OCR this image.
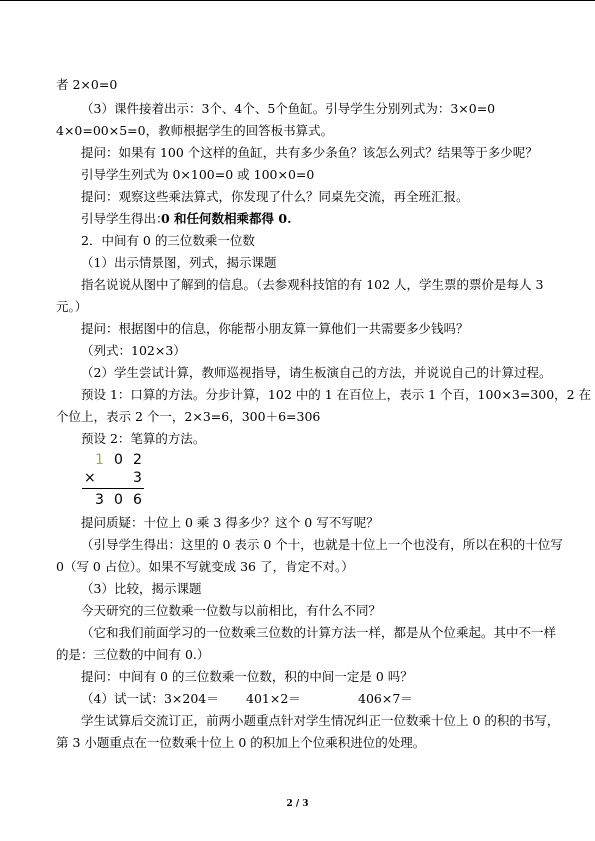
者 2×0=0
（3）课件接着出示：3个、4个、5个鱼缸。引导学生分别列式为：3×0=0
4×0=00×5=0，教师根据学生的回答板书算式。
提问：如果有 100 个这样的鱼缸，共有多少条鱼？该怎么列式？结果等于多少呢？
引导学生列式为 0×100=0 或 100×0=0
提问：观察这些乘法算式，你发现了什么？同桌先交流，再全班汇报。
引导学生得出：
0 和任何数相乘都得 0.
2．中间有 0 的三位数乘一位数
（1）出示情景图，列式，揭示课题
指名说说从图中了解到的信息。（去参观科技馆的有 102 人，学生票的票价是每人 3
元。）
提问：根据图中的信息，你能帮小朋友算一算他们一共需要多少钱吗？
（列式：102×3）
（2）学生尝试计算，教师巡视指导，请生板演自己的方法，并说说自己的计算过程。
预设 1：口算的方法。分步计算，102 中的 1 在百位上，表示 1 个百，100×3=300，2 在
个位上，表示 2 个一，2×3=6，300＋6=306
预设 2：笔算的方法。
1 0 2
×	3
3 0 6
提问质疑：十位上 0 乘 3 得多少？这个 0 写不写呢？
（引导学生得出：这里的 0 表示 0 个十，也就是十位上一个也没有，所以在积的十位写
0（写 0 占位）。如果不写就变成 36 了，肯定不对。）
（3）比较，揭示课题
今天研究的三位数乘一位数与以前相比，有什么不同？
（它和我们前面学习的一位数乘三位数的计算方法一样，都是从个位乘起。其中不一样
的是：三位数的中间有 0.）
提问：中间有 0 的三位数乘一位数，积的中间一定是 0 吗？
（4）试一试：3×204＝ 401×2＝	406×7＝
学生试算后交流订正，前两小题重点针对学生情况纠正一位数乘十位上 0 的积的书写，
第 3 小题重点在一位数乘十位上 0 的积加上个位乘积进位的处理。
2 / 3
